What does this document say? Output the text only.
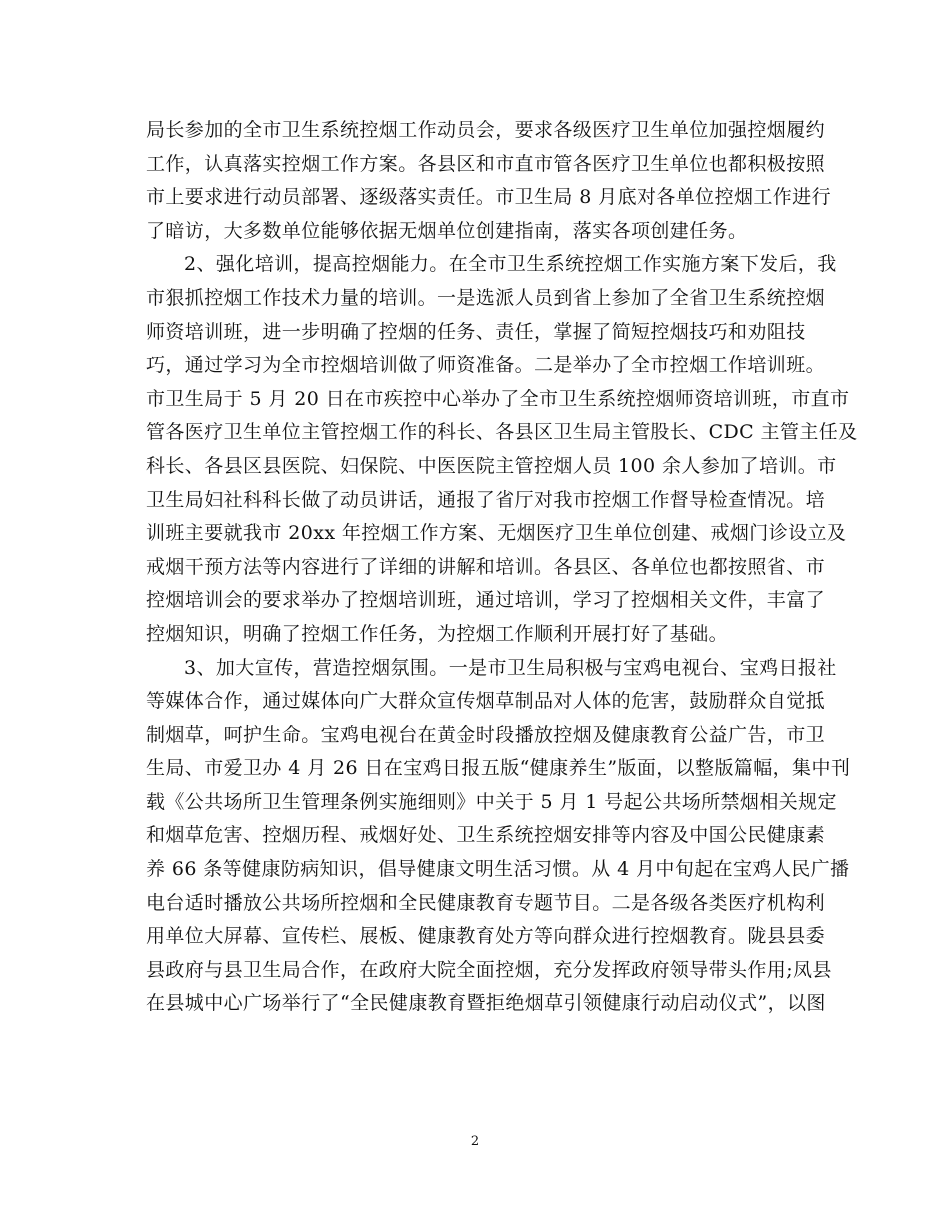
局长参加的全市卫生系统控烟工作动员会，要求各级医疗卫生单位加强控烟履约
工作，认真落实控烟工作方案。各县区和市直市管各医疗卫生单位也都积极按照
市上要求进行动员部署、逐级落实责任。市卫生局 8 月底对各单位控烟工作进行
了暗访，大多数单位能够依据无烟单位创建指南，落实各项创建任务。
2、强化培训，提高控烟能力。在全市卫生系统控烟工作实施方案下发后，我
市狠抓控烟工作技术力量的培训。一是选派人员到省上参加了全省卫生系统控烟
师资培训班，进一步明确了控烟的任务、责任，掌握了简短控烟技巧和劝阻技
巧，通过学习为全市控烟培训做了师资准备。二是举办了全市控烟工作培训班。
市卫生局于 5 月 20 日在市疾控中心举办了全市卫生系统控烟师资培训班，市直市
管各医疗卫生单位主管控烟工作的科长、各县区卫生局主管股长、CDC 主管主任及
科长、各县区县医院、妇保院、中医医院主管控烟人员 100 余人参加了培训。市
卫生局妇社科科长做了动员讲话，通报了省厅对我市控烟工作督导检查情况。培
训班主要就我市 20xx 年控烟工作方案、无烟医疗卫生单位创建、戒烟门诊设立及
戒烟干预方法等内容进行了详细的讲解和培训。各县区、各单位也都按照省、市
控烟培训会的要求举办了控烟培训班，通过培训，学习了控烟相关文件，丰富了
控烟知识，明确了控烟工作任务，为控烟工作顺利开展打好了基础。
3、加大宣传，营造控烟氛围。一是市卫生局积极与宝鸡电视台、宝鸡日报社
等媒体合作，通过媒体向广大群众宣传烟草制品对人体的危害，鼓励群众自觉抵
制烟草，呵护生命。宝鸡电视台在黄金时段播放控烟及健康教育公益广告，市卫
生局、市爱卫办 4 月 26 日在宝鸡日报五版“健康养生”版面，以整版篇幅，集中刊
载《公共场所卫生管理条例实施细则》中关于 5 月 1 号起公共场所禁烟相关规定
和烟草危害、控烟历程、戒烟好处、卫生系统控烟安排等内容及中国公民健康素
养 66 条等健康防病知识，倡导健康文明生活习惯。从 4 月中旬起在宝鸡人民广播
电台适时播放公共场所控烟和全民健康教育专题节目。二是各级各类医疗机构利
用单位大屏幕、宣传栏、展板、健康教育处方等向群众进行控烟教育。陇县县委
县政府与县卫生局合作，在政府大院全面控烟，充分发挥政府领导带头作用;凤县
在县城中心广场举行了“全民健康教育暨拒绝烟草引领健康行动启动仪式”，以图
2
